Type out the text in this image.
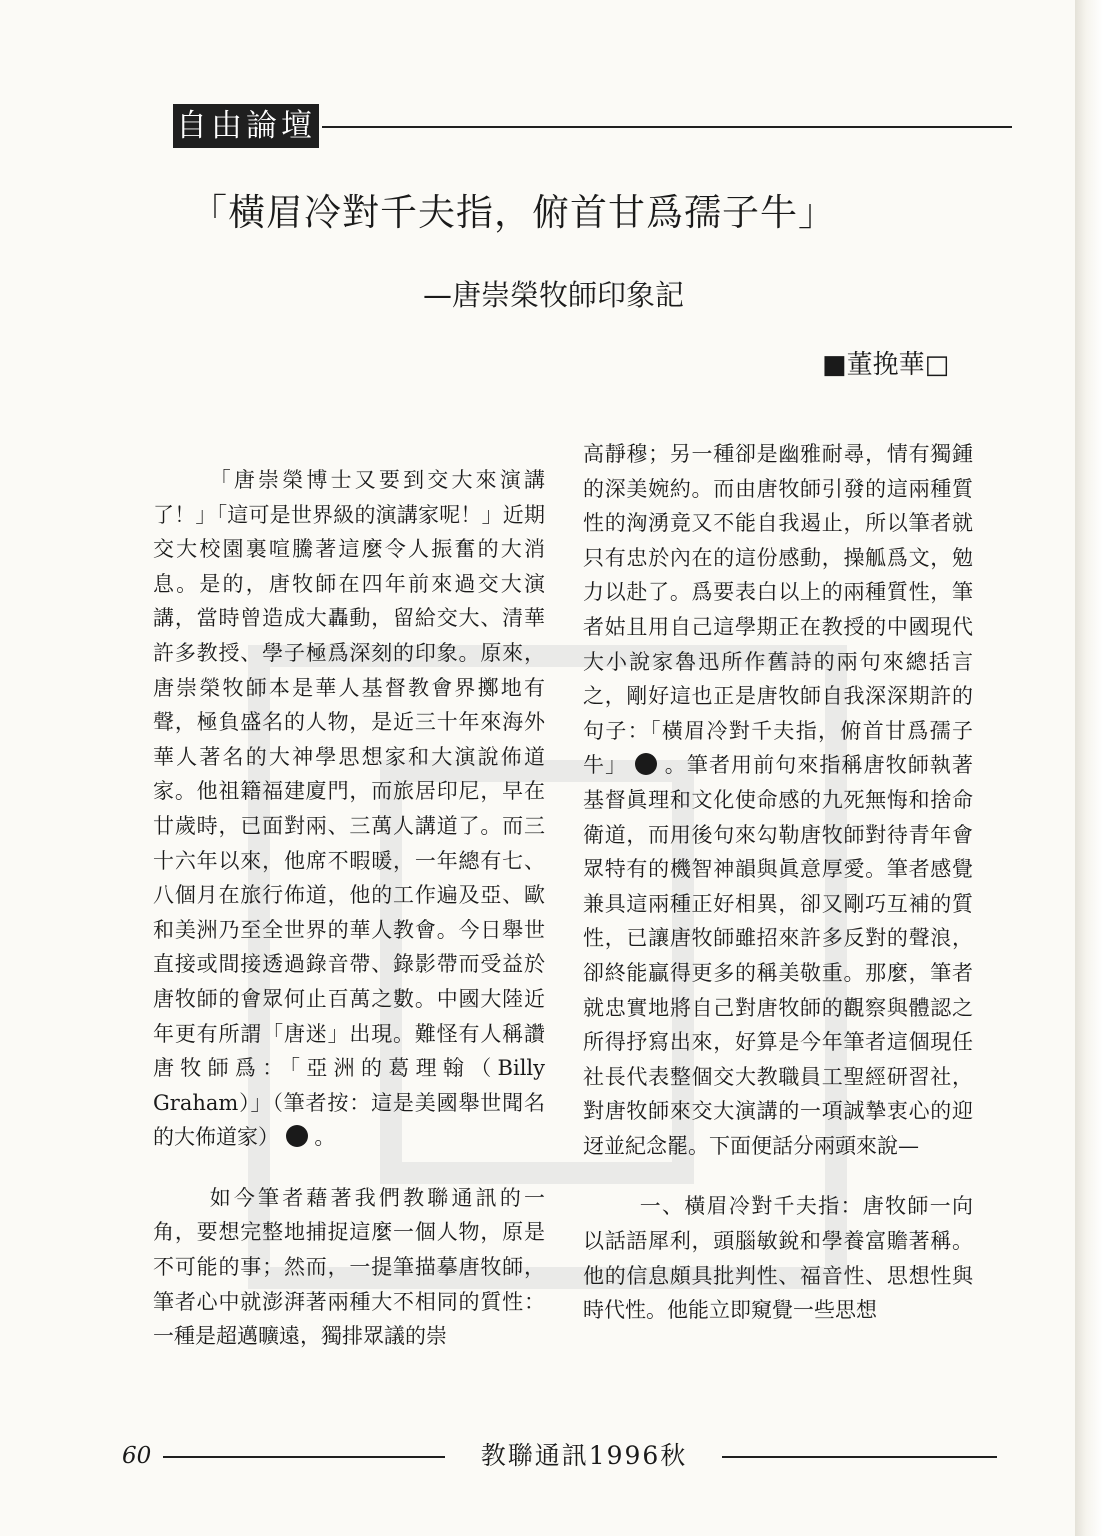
自由論壇
「橫眉冷對千夫指，俯首甘爲孺子牛」
—唐崇榮牧師印象記
■董挽華□

「唐崇榮博士又要到交大來演講了！」「這可是世界級的演講家呢！」近期交大校園裏喧騰著這麼令人振奮的大消息。是的，唐牧師在四年前來過交大演講，當時曾造成大轟動，留給交大、清華許多教授、學子極爲深刻的印象。原來，唐崇榮牧師本是華人基督教會界擲地有聲，極負盛名的人物，是近三十年來海外華人著名的大神學思想家和大演說佈道家。他祖籍福建廈門，而旅居印尼，早在廿歲時，已面對兩、三萬人講道了。而三十六年以來，他席不暇暖，一年總有七、八個月在旅行佈道，他的工作遍及亞、歐和美洲乃至全世界的華人教會。今日舉世直接或間接透過錄音帶、錄影帶而受益於唐牧師的會眾何止百萬之數。中國大陸近年更有所謂「唐迷」出現。難怪有人稱讚唐牧師爲：「亞洲的葛理翰（Billy Graham）」（筆者按：這是美國舉世聞名的大佈道家） 。

如今筆者藉著我們教聯通訊的一角，要想完整地捕捉這麼一個人物，原是不可能的事；然而，一提筆描摹唐牧師，筆者心中就澎湃著兩種大不相同的質性：一種是超邁曠遠，獨排眾議的崇

高靜穆；另一種卻是幽雅耐尋，情有獨鍾的深美婉約。而由唐牧師引發的這兩種質性的洶湧竟又不能自我遏止，所以筆者就只有忠於內在的這份感動，操觚爲文，勉力以赴了。爲要表白以上的兩種質性，筆者姑且用自己這學期正在教授的中國現代大小說家魯迅所作舊詩的兩句來總括言之，剛好這也正是唐牧師自我深深期許的句子：「橫眉冷對千夫指，俯首甘爲孺子牛」 。筆者用前句來指稱唐牧師執著基督眞理和文化使命感的九死無悔和捨命衛道，而用後句來勾勒唐牧師對待青年會眾特有的機智神韻與眞意厚愛。筆者感覺兼具這兩種正好相異，卻又剛巧互補的質性，已讓唐牧師雖招來許多反對的聲浪，卻終能贏得更多的稱美敬重。那麼，筆者就忠實地將自己對唐牧師的觀察與體認之所得抒寫出來，好算是今年筆者這個現任社長代表整個交大教職員工聖經研習社，對唐牧師來交大演講的一項誠摯衷心的迎迓並紀念罷。下面便話分兩頭來說—

一、橫眉冷對千夫指：唐牧師一向以話語犀利，頭腦敏銳和學養富贍著稱。他的信息頗具批判性、福音性、思想性與時代性。他能立即窺覺一些思想

60	教聯通訊1996秋
